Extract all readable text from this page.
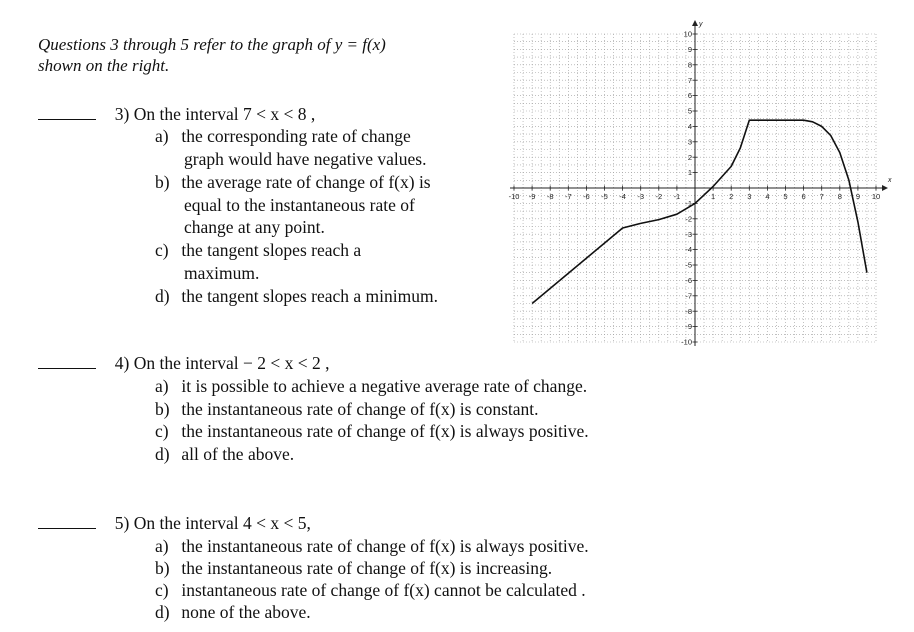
Questions 3 through 5 refer to the graph of y = f(x)
shown on the right.
3) On the interval 7 < x < 8 ,
a) the corresponding rate of change
graph would have negative values.
b) the average rate of change of f(x) is
equal to the instantaneous rate of
change at any point.
c) the tangent slopes reach a
maximum.
d) the tangent slopes reach a minimum.
4) On the interval − 2 < x < 2 ,
a) it is possible to achieve a negative average rate of change.
b) the instantaneous rate of change of f(x) is constant.
c) the instantaneous rate of change of f(x) is always positive.
d) all of the above.
5) On the interval 4 < x < 5,
a) the instantaneous rate of change of f(x) is always positive.
b) the instantaneous rate of change of f(x) is increasing.
c) instantaneous rate of change of f(x) cannot be calculated .
d) none of the above.
x
y
-10 -9 -8 -7 -6 -5 -4 -3 -2 -1	1 2 3 4 5 6 7 8 9 10
10
9
8
7
6
5
4
3
2
1
-1
-2
-3
-4
-5
-6
-7
-8
-9
-10
